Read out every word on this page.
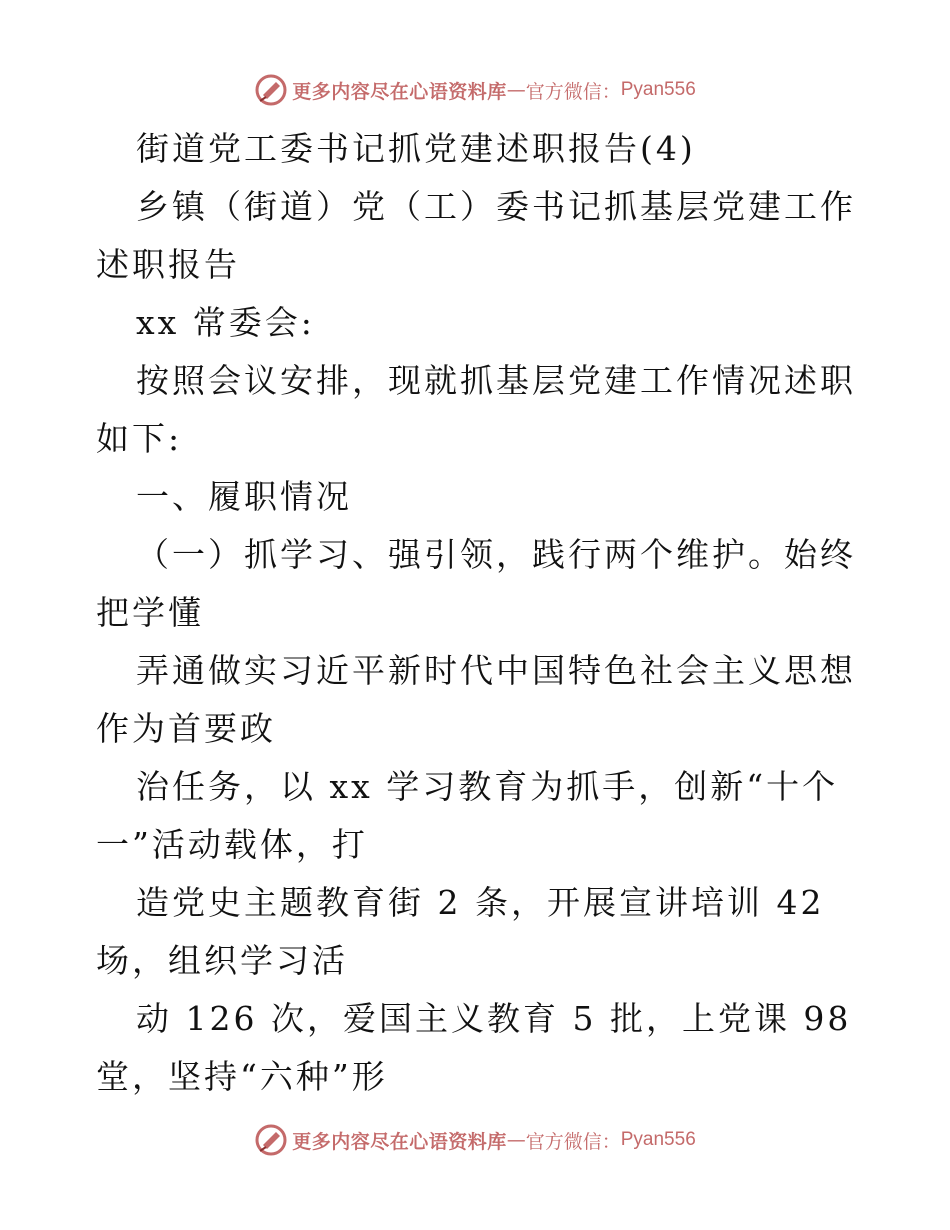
更多内容尽在心语资料库 — 官方微信： Pyan556

街道党工委书记抓党建述职报告(4)

乡镇（街道）党（工）委书记抓基层党建工作述职报告

xx 常委会:

按照会议安排，现就抓基层党建工作情况述职如下:

一、履职情况

（一）抓学习、强引领，践行两个维护。始终把学懂

弄通做实习近平新时代中国特色社会主义思想作为首要政

治任务，以 xx 学习教育为抓手，创新“十个一”活动载体，打

造党史主题教育街 2 条，开展宣讲培训 42 场，组织学习活

动 126 次，爱国主义教育 5 批，上党课 98 堂，坚持“六种”形

更多内容尽在心语资料库 — 官方微信： Pyan556
